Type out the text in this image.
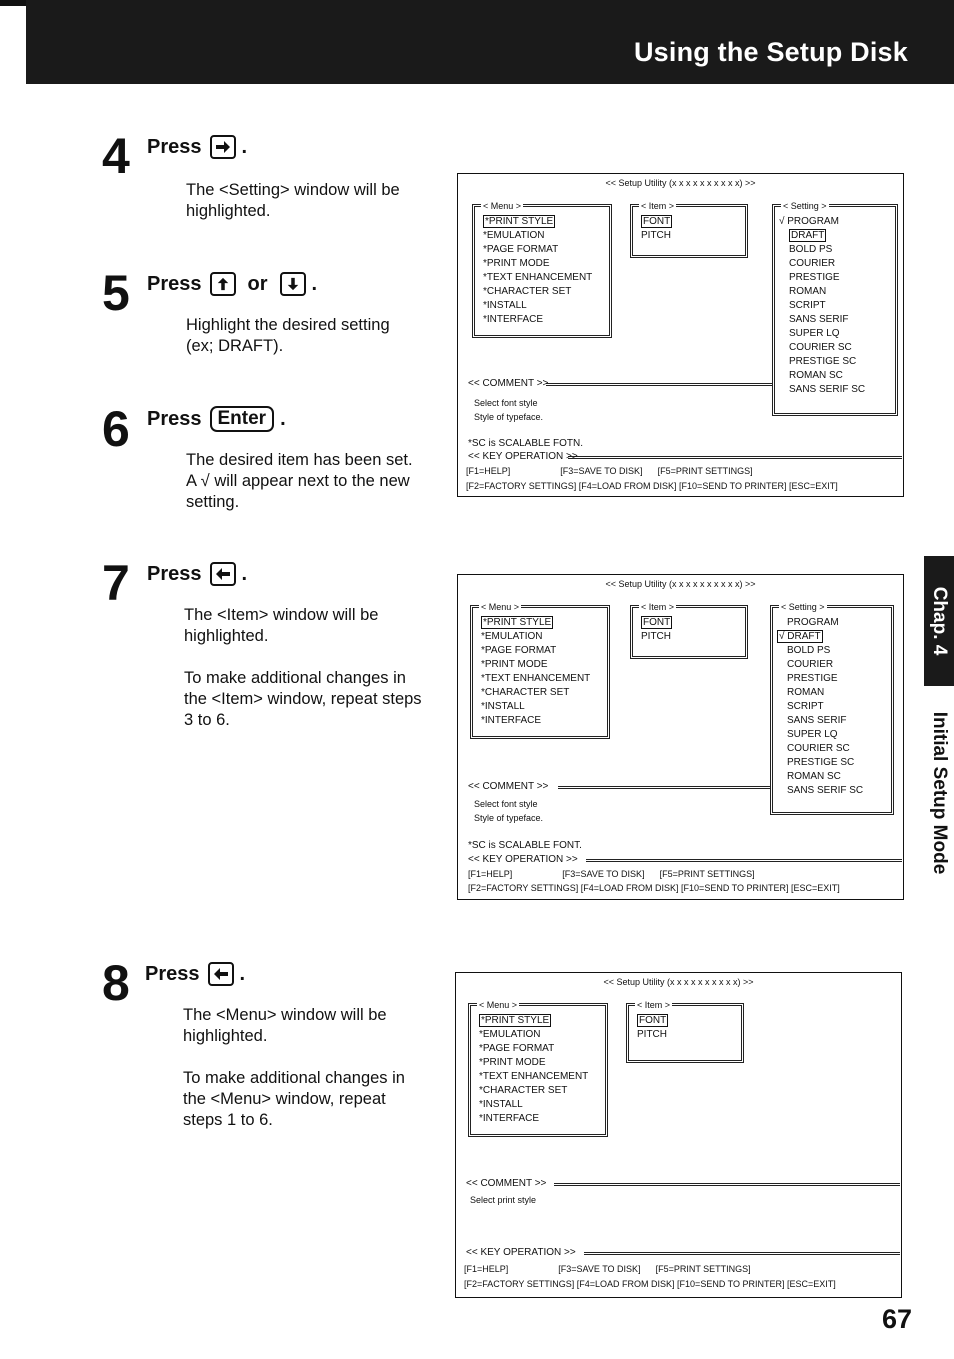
Using the Setup Disk
Chap. 4
Initial Setup Mode
4 Press .
The <Setting> window will be
highlighted.
5 Press or .
Highlight the desired setting
(ex; DRAFT).
6 Press Enter .
The desired item has been set.
A √ will appear next to the new
setting.
7 Press .
The <Item> window will be
highlighted.

To make additional changes in
the <Item> window, repeat steps
3 to 6.
8 Press .
The <Menu> window will be
highlighted.

To make additional changes in
the <Menu> window, repeat
steps 1 to 6.
<< Setup Utility (x x x x x x x x x x) >>
< Menu >
*PRINT STYLE
*EMULATION
*PAGE FORMAT
*PRINT MODE
*TEXT ENHANCEMENT
*CHARACTER SET
*INSTALL
*INTERFACE
< Item >
FONT
PITCH
< Setting >
√ PROGRAM
DRAFT
BOLD PS
COURIER
PRESTIGE
ROMAN
SCRIPT
SANS SERIF
SUPER LQ
COURIER SC
PRESTIGE SC
ROMAN SC
SANS SERIF SC
<< COMMENT >>
Select font style
Style of typeface.
*SC is SCALABLE FOTN.
<< KEY OPERATION >>
[F1=HELP]                    [F3=SAVE TO DISK]      [F5=PRINT SETTINGS]
[F2=FACTORY SETTINGS] [F4=LOAD FROM DISK] [F10=SEND TO PRINTER] [ESC=EXIT]
<< Setup Utility (x x x x x x x x x x) >>
< Menu >
*PRINT STYLE
*EMULATION
*PAGE FORMAT
*PRINT MODE
*TEXT ENHANCEMENT
*CHARACTER SET
*INSTALL
*INTERFACE
< Item >
FONT
PITCH
< Setting >
PROGRAM
√ DRAFT
BOLD PS
COURIER
PRESTIGE
ROMAN
SCRIPT
SANS SERIF
SUPER LQ
COURIER SC
PRESTIGE SC
ROMAN SC
SANS SERIF SC
<< COMMENT >>
Select font style
Style of typeface.
*SC is SCALABLE FONT.
<< KEY OPERATION >>
[F1=HELP]                    [F3=SAVE TO DISK]      [F5=PRINT SETTINGS]
[F2=FACTORY SETTINGS] [F4=LOAD FROM DISK] [F10=SEND TO PRINTER] [ESC=EXIT]
<< Setup Utility (x x x x x x x x x x) >>
< Menu >
*PRINT STYLE
*EMULATION
*PAGE FORMAT
*PRINT MODE
*TEXT ENHANCEMENT
*CHARACTER SET
*INSTALL
*INTERFACE
< Item >
FONT
PITCH
<< COMMENT >>
Select print style
<< KEY OPERATION >>
[F1=HELP]                    [F3=SAVE TO DISK]      [F5=PRINT SETTINGS]
[F2=FACTORY SETTINGS] [F4=LOAD FROM DISK] [F10=SEND TO PRINTER] [ESC=EXIT]
67
